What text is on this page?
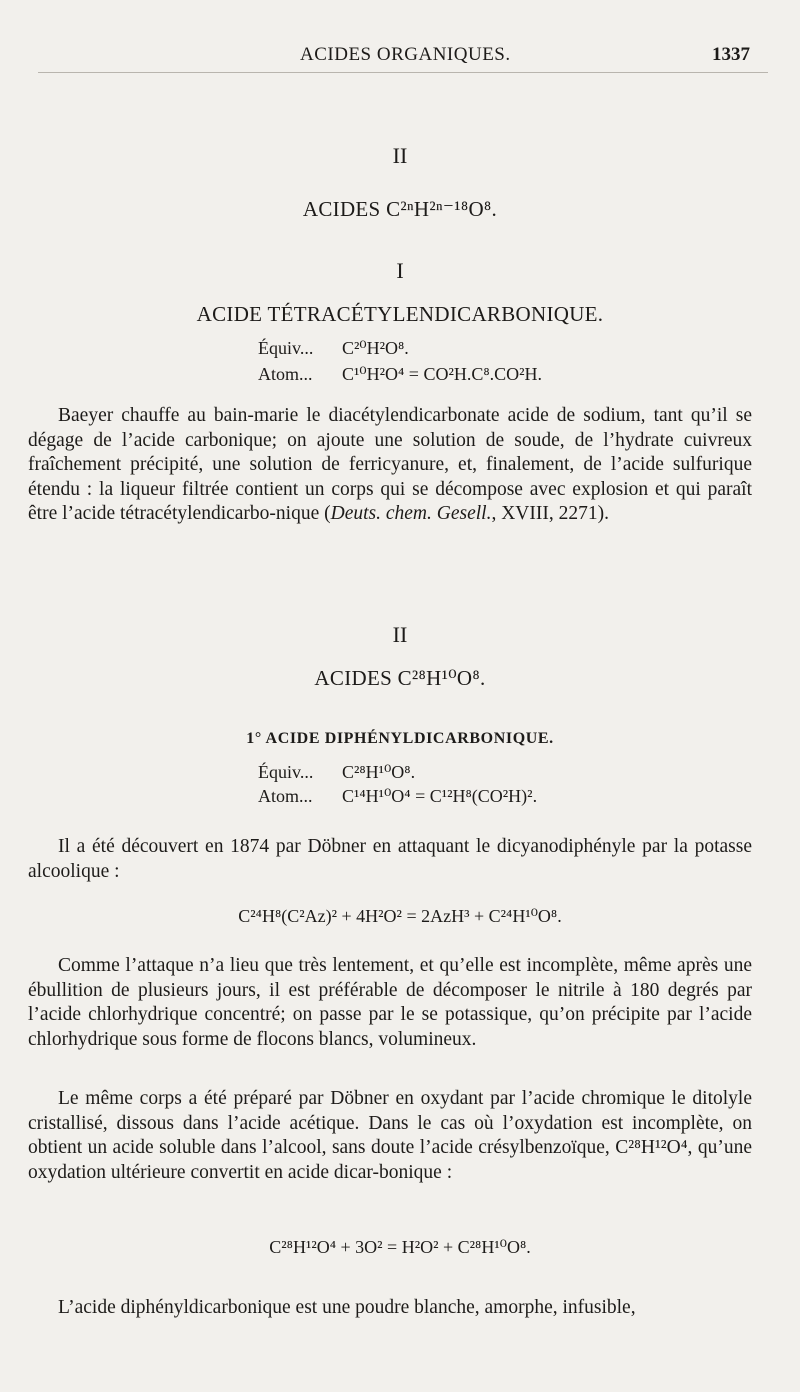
ACIDES ORGANIQUES.	1337
II
ACIDES C²ⁿH²ⁿ⁻¹⁸O⁸.
I
ACIDE TÉTRACÉTYLENDICARBONIQUE.
Équiv... C²⁰H²O⁸.
Atom... C¹⁰H²O⁴ = CO²H.C⁸.CO²H.
Baeyer chauffe au bain-marie le diacétylendicarbonate acide de sodium, tant qu’il se dégage de l’acide carbonique; on ajoute une solution de soude, de l’hydrate cuivreux fraîchement précipité, une solution de ferricyanure, et, finalement, de l’acide sulfurique étendu : la liqueur filtrée contient un corps qui se décompose avec explosion et qui paraît être l’acide tétracétylendicarbo-nique (Deuts. chem. Gesell., XVIII, 2271).
II
ACIDES C²⁸H¹⁰O⁸.
1° ACIDE DIPHÉNYLDICARBONIQUE.
Équiv... C²⁸H¹⁰O⁸.
Atom... C¹⁴H¹⁰O⁴ = C¹²H⁸(CO²H)².
Il a été découvert en 1874 par Döbner en attaquant le dicyanodiphényle par la potasse alcoolique :
C²⁴H⁸(C²Az)² + 4H²O² = 2AzH³ + C²⁴H¹⁰O⁸.
Comme l’attaque n’a lieu que très lentement, et qu’elle est incomplète, même après une ébullition de plusieurs jours, il est préférable de décomposer le nitrile à 180 degrés par l’acide chlorhydrique concentré; on passe par le se potassique, qu’on précipite par l’acide chlorhydrique sous forme de flocons blancs, volumineux.
Le même corps a été préparé par Döbner en oxydant par l’acide chromique le ditolyle cristallisé, dissous dans l’acide acétique. Dans le cas où l’oxydation est incomplète, on obtient un acide soluble dans l’alcool, sans doute l’acide crésylbenzoïque, C²⁸H¹²O⁴, qu’une oxydation ultérieure convertit en acide dicar-bonique :
C²⁸H¹²O⁴ + 3O² = H²O² + C²⁸H¹⁰O⁸.
L’acide diphényldicarbonique est une poudre blanche, amorphe, infusible,
